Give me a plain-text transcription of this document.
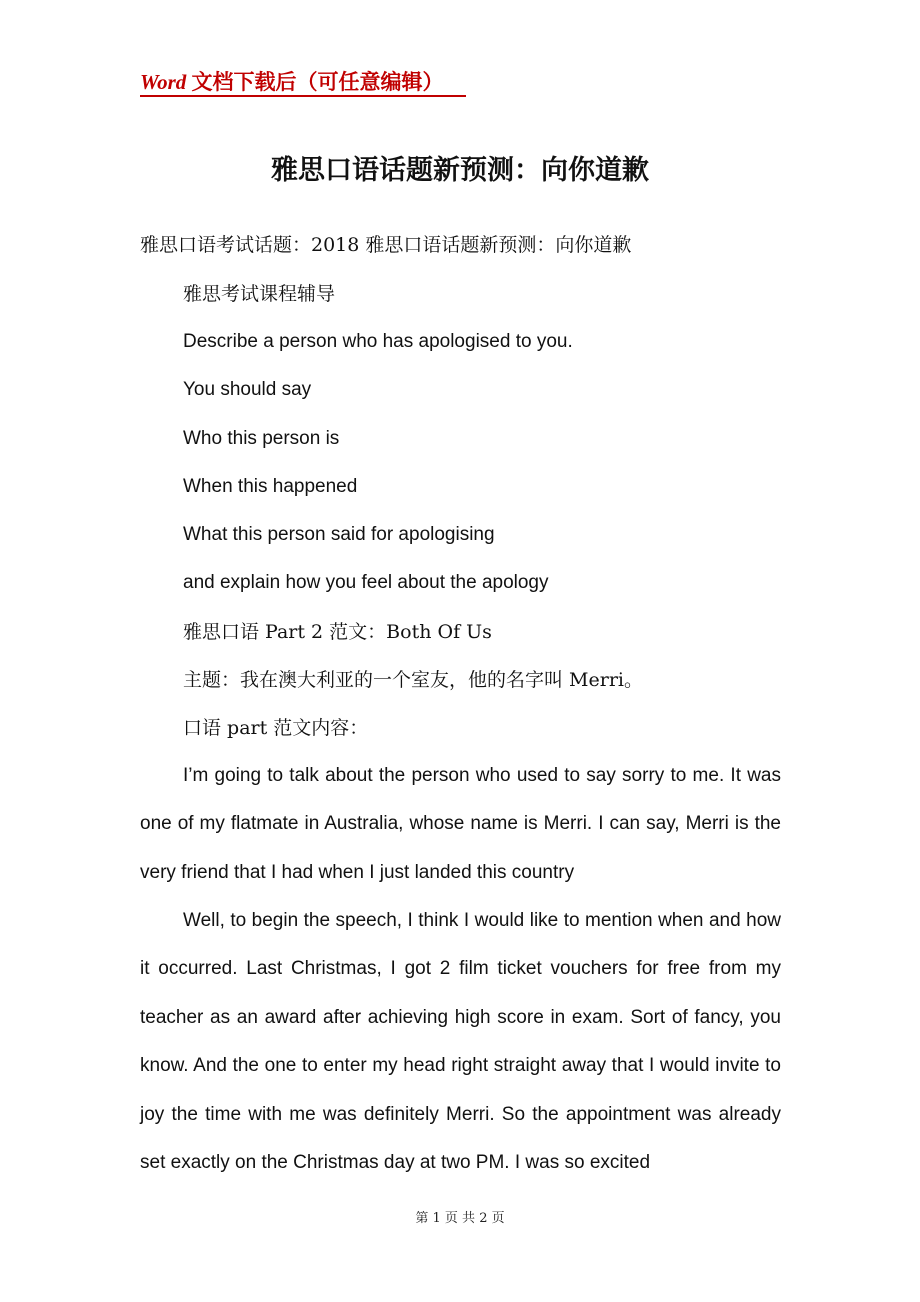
Word 文档下载后（可任意编辑）
雅思口语话题新预测：向你道歉
雅思口语考试话题：2018 雅思口语话题新预测：向你道歉
雅思考试课程辅导
Describe a person who has apologised to you.
You should say
Who this person is
When this happened
What this person said for apologising
and explain how you feel about the apology
雅思口语 Part 2 范文：Both Of Us
主题：我在澳大利亚的一个室友，他的名字叫 Merri。
口语 part 范文内容：
I’m going to talk about the person who used to say sorry to me. It was one of my flatmate in Australia, whose name is Merri. I can say, Merri is the very friend that I had when I just landed this country
Well, to begin the speech, I think I would like to mention when and how it occurred. Last Christmas, I got 2 film ticket vouchers for free from my teacher as an award after achieving high score in exam. Sort of fancy, you know. And the one to enter my head right straight away that I would invite to joy the time with me was definitely Merri. So the appointment was already set exactly on the Christmas day at two PM. I was so excited
第 1 页 共 2 页
